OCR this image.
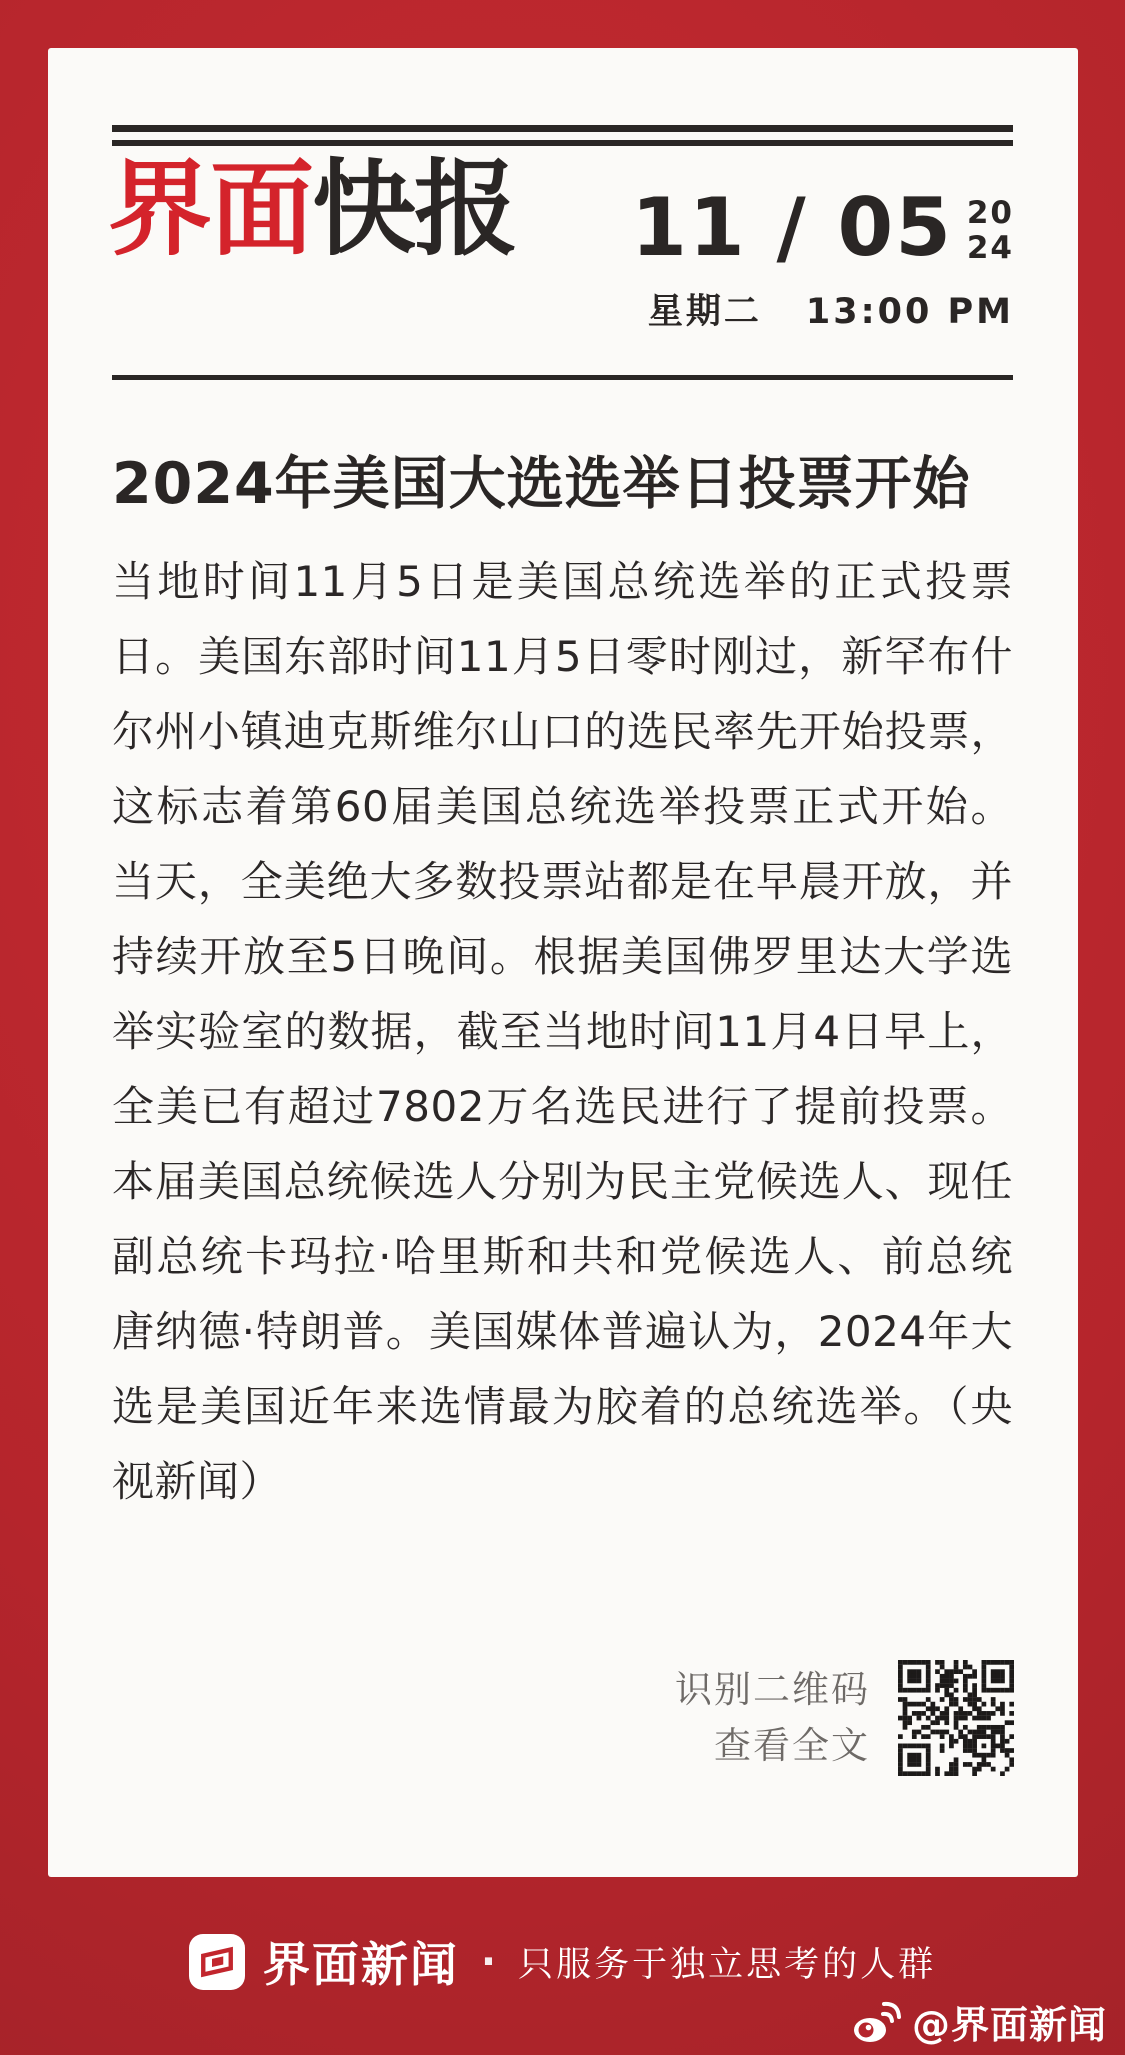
界面快报 11 / 05 20
24
星期二 13:00 PM
2024年美国大选选举日投票开始
当地时间11月5日是美国总统选举的正式投票日。美国东部时间11月5日零时刚过，新罕布什尔州小镇迪克斯维尔山口的选民率先开始投票，这标志着第60届美国总统选举投票正式开始。当天，全美绝大多数投票站都是在早晨开放，并持续开放至5日晚间。根据美国佛罗里达大学选举实验室的数据，截至当地时间11月4日早上，全美已有超过7802万名选民进行了提前投票。本届美国总统候选人分别为民主党候选人、现任副总统卡玛拉·哈里斯和共和党候选人、前总统唐纳德·特朗普。美国媒体普遍认为，2024年大选是美国近年来选情最为胶着的总统选举。（央视新闻）
识别二维码
查看全文
界面新闻 · 只服务于独立思考的人群
@界面新闻
